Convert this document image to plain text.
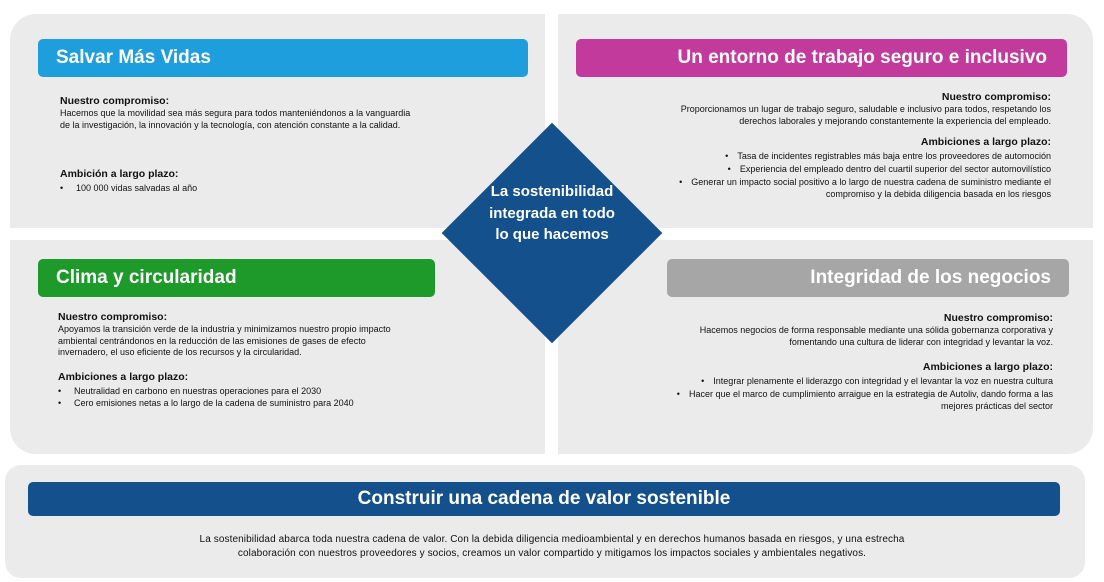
Salvar Más Vidas	Un entorno de trabajo seguro e inclusivo
Clima y circularidad	Integridad de los negocios
Construir una cadena de valor sostenible
Nuestro compromiso:

Hacemos que la movilidad sea más segura para todos manteniéndonos a la vanguardia de la investigación, la innovación y la tecnología, con atención constante a la calidad.

Ambición a largo plazo:
• 100 000 vidas salvadas al año
Nuestro compromiso:

Proporcionamos un lugar de trabajo seguro, saludable e inclusivo para todos, respetando los derechos laborales y mejorando constantemente la experiencia del empleado.

Ambiciones a largo plazo:
• Tasa de incidentes registrables más baja entre los proveedores de automoción
• Experiencia del empleado dentro del cuartil superior del sector automovilístico
• Generar un impacto social positivo a lo largo de nuestra cadena de suministro mediante el compromiso y la debida diligencia basada en los riesgos
Nuestro compromiso:

Apoyamos la transición verde de la industria y minimizamos nuestro propio impacto ambiental centrándonos en la reducción de las emisiones de gases de efecto invernadero, el uso eficiente de los recursos y la circularidad.

Ambiciones a largo plazo:
• Neutralidad en carbono en nuestras operaciones para el 2030
• Cero emisiones netas a lo largo de la cadena de suministro para 2040
Nuestro compromiso:

Hacemos negocios de forma responsable mediante una sólida gobernanza corporativa y fomentando una cultura de liderar con integridad y levantar la voz.

Ambiciones a largo plazo:
• Integrar plenamente el liderazgo con integridad y el levantar la voz en nuestra cultura
• Hacer que el marco de cumplimiento arraigue en la estrategia de Autoliv, dando forma a las mejores prácticas del sector
La sostenibilidad integrada en todo lo que hacemos
La sostenibilidad abarca toda nuestra cadena de valor. Con la debida diligencia medioambiental y en derechos humanos basada en riesgos, y una estrecha colaboración con nuestros proveedores y socios, creamos un valor compartido y mitigamos los impactos sociales y ambientales negativos.
